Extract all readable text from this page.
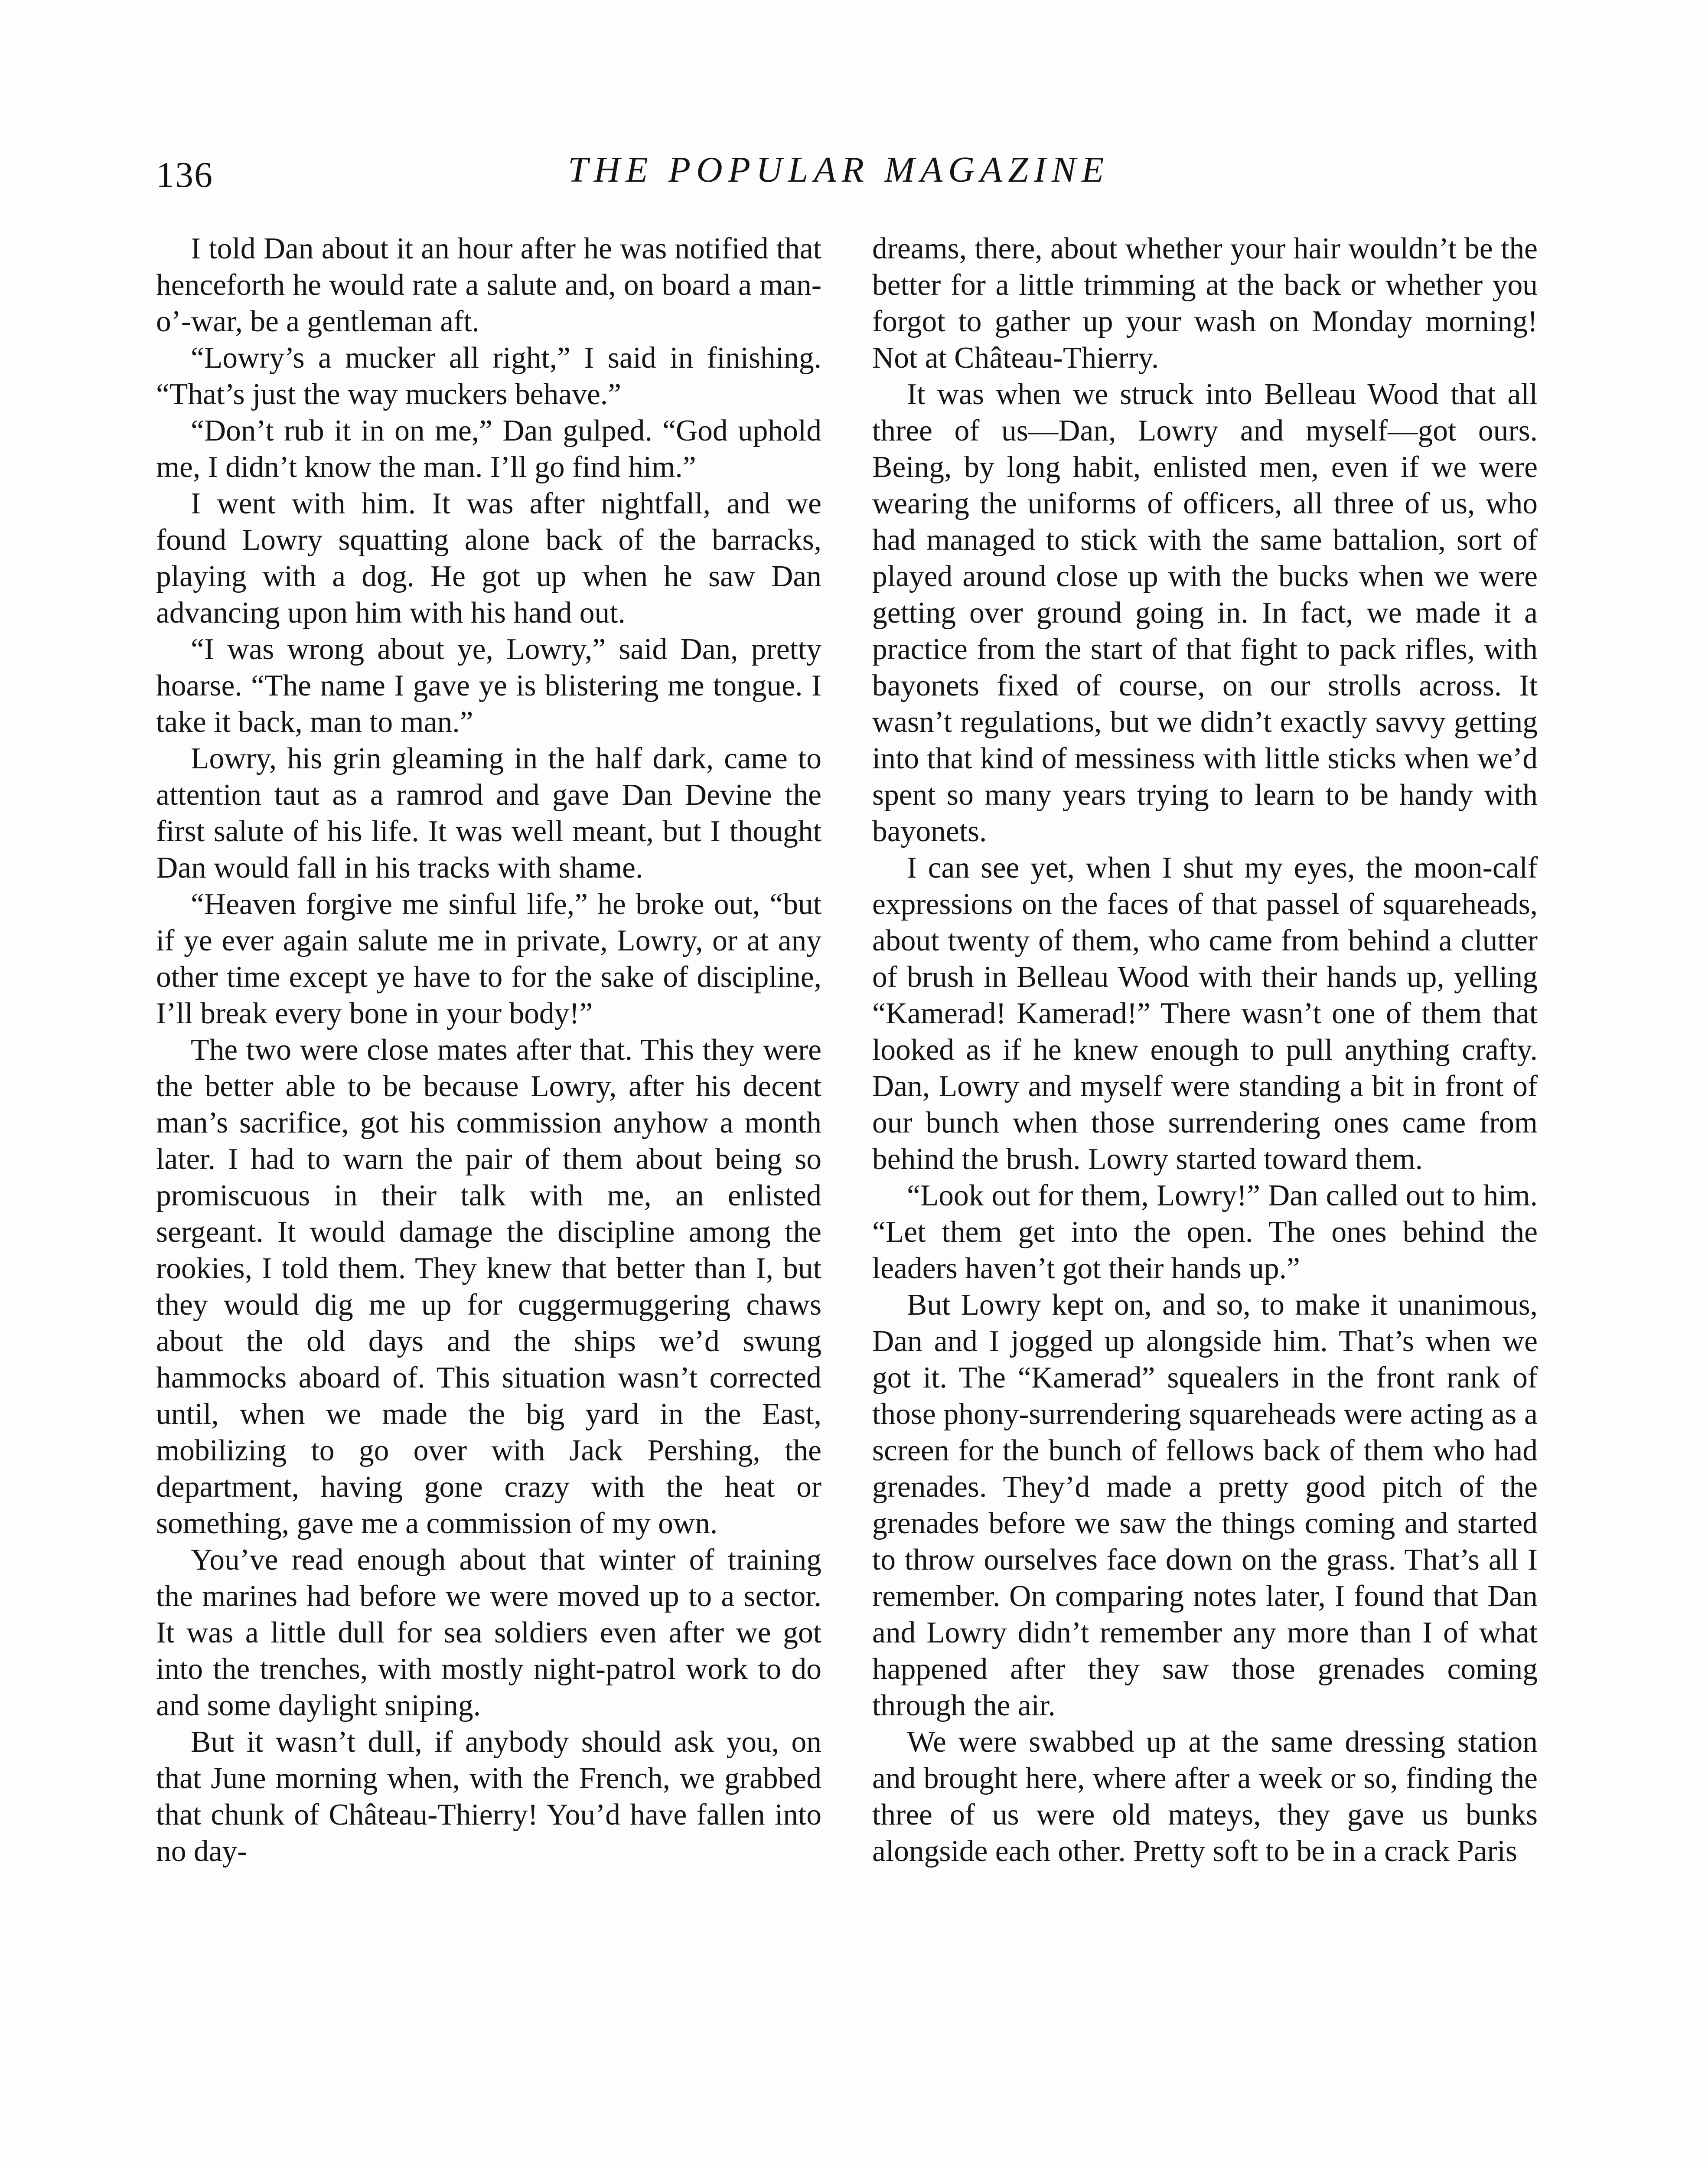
136	THE POPULAR MAGAZINE

I told Dan about it an hour after he was notified that henceforth he would rate a salute and, on board a man-o’-war, be a gentleman aft.

“Lowry’s a mucker all right,” I said in finishing. “That’s just the way muckers behave.”

“Don’t rub it in on me,” Dan gulped. “God uphold me, I didn’t know the man. I’ll go find him.”

I went with him. It was after nightfall, and we found Lowry squatting alone back of the barracks, playing with a dog. He got up when he saw Dan advancing upon him with his hand out.

“I was wrong about ye, Lowry,” said Dan, pretty hoarse. “The name I gave ye is blistering me tongue. I take it back, man to man.”

Lowry, his grin gleaming in the half dark, came to attention taut as a ramrod and gave Dan Devine the first salute of his life. It was well meant, but I thought Dan would fall in his tracks with shame.

“Heaven forgive me sinful life,” he broke out, “but if ye ever again salute me in private, Lowry, or at any other time except ye have to for the sake of discipline, I’ll break every bone in your body!”

The two were close mates after that. This they were the better able to be because Lowry, after his decent man’s sacrifice, got his commission anyhow a month later. I had to warn the pair of them about being so promiscuous in their talk with me, an enlisted sergeant. It would damage the discipline among the rookies, I told them. They knew that better than I, but they would dig me up for cuggermuggering chaws about the old days and the ships we’d swung hammocks aboard of. This situation wasn’t corrected until, when we made the big yard in the East, mobilizing to go over with Jack Pershing, the department, having gone crazy with the heat or something, gave me a commission of my own.

You’ve read enough about that winter of training the marines had before we were moved up to a sector. It was a little dull for sea soldiers even after we got into the trenches, with mostly night-patrol work to do and some daylight sniping.

But it wasn’t dull, if anybody should ask you, on that June morning when, with the French, we grabbed that chunk of Château-Thierry! You’d have fallen into no day-

dreams, there, about whether your hair wouldn’t be the better for a little trimming at the back or whether you forgot to gather up your wash on Monday morning! Not at Château-Thierry.

It was when we struck into Belleau Wood that all three of us—Dan, Lowry and myself—got ours. Being, by long habit, enlisted men, even if we were wearing the uniforms of officers, all three of us, who had managed to stick with the same battalion, sort of played around close up with the bucks when we were getting over ground going in. In fact, we made it a practice from the start of that fight to pack rifles, with bayonets fixed of course, on our strolls across. It wasn’t regulations, but we didn’t exactly savvy getting into that kind of messiness with little sticks when we’d spent so many years trying to learn to be handy with bayonets.

I can see yet, when I shut my eyes, the moon-calf expressions on the faces of that passel of squareheads, about twenty of them, who came from behind a clutter of brush in Belleau Wood with their hands up, yelling “Kamerad! Kamerad!” There wasn’t one of them that looked as if he knew enough to pull anything crafty. Dan, Lowry and myself were standing a bit in front of our bunch when those surrendering ones came from behind the brush. Lowry started toward them.

“Look out for them, Lowry!” Dan called out to him. “Let them get into the open. The ones behind the leaders haven’t got their hands up.”

But Lowry kept on, and so, to make it unanimous, Dan and I jogged up alongside him. That’s when we got it. The “Kamerad” squealers in the front rank of those phony-surrendering squareheads were acting as a screen for the bunch of fellows back of them who had grenades. They’d made a pretty good pitch of the grenades before we saw the things coming and started to throw ourselves face down on the grass. That’s all I remember. On comparing notes later, I found that Dan and Lowry didn’t remember any more than I of what happened after they saw those grenades coming through the air.

We were swabbed up at the same dressing station and brought here, where after a week or so, finding the three of us were old mateys, they gave us bunks alongside each other. Pretty soft to be in a crack Paris
